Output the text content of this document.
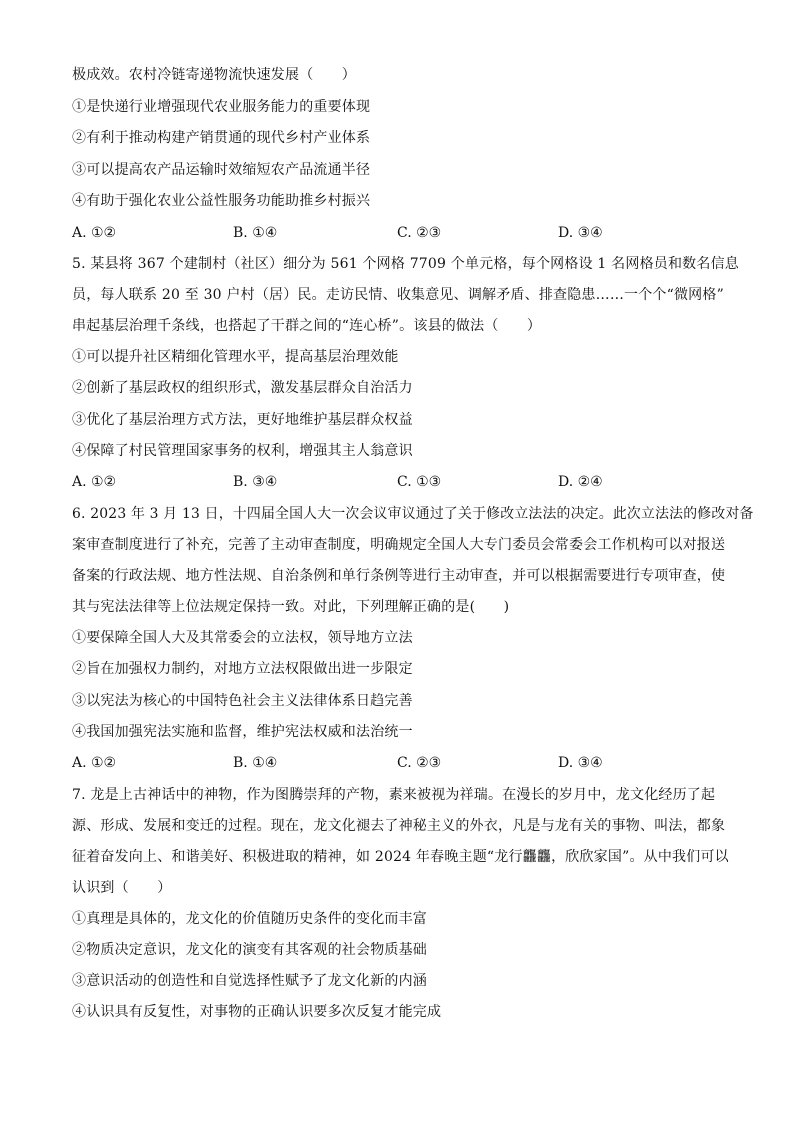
极成效。农村冷链寄递物流快速发展（　　）
①是快递行业增强现代农业服务能力的重要体现
②有利于推动构建产销贯通的现代乡村产业体系
③可以提高农产品运输时效缩短农产品流通半径
④有助于强化农业公益性服务功能助推乡村振兴
A. ①②	B. ①④	C. ②③	D. ③④
5. 某县将 367 个建制村（社区）细分为 561 个网格 7709 个单元格，每个网格设 1 名网格员和数名信息
员，每人联系 20 至 30 户村（居）民。走访民情、收集意见、调解矛盾、排查隐患……一个个“微网格”
串起基层治理千条线，也搭起了干群之间的“连心桥”。该县的做法（　　）
①可以提升社区精细化管理水平，提高基层治理效能
②创新了基层政权的组织形式，激发基层群众自治活力
③优化了基层治理方式方法，更好地维护基层群众权益
④保障了村民管理国家事务的权利，增强其主人翁意识
A. ①②	B. ③④	C. ①③	D. ②④
6. 2023 年 3 月 13 日，十四届全国人大一次会议审议通过了关于修改立法法的决定。此次立法法的修改对备
案审查制度进行了补充，完善了主动审查制度，明确规定全国人大专门委员会常委会工作机构可以对报送
备案的行政法规、地方性法规、自治条例和单行条例等进行主动审查，并可以根据需要进行专项审查，使
其与宪法法律等上位法规定保持一致。对此，下列理解正确的是(　　)
①要保障全国人大及其常委会的立法权，领导地方立法
②旨在加强权力制约，对地方立法权限做出进一步限定
③以宪法为核心的中国特色社会主义法律体系日趋完善
④我国加强宪法实施和监督，维护宪法权威和法治统一
A. ①②	B. ①④	C. ②③	D. ③④
7. 龙是上古神话中的神物，作为图腾崇拜的产物，素来被视为祥瑞。在漫长的岁月中，龙文化经历了起
源、形成、发展和变迁的过程。现在，龙文化褪去了神秘主义的外衣，凡是与龙有关的事物、叫法，都象
征着奋发向上、和谐美好、积极进取的精神，如 2024 年春晚主题“龙行龘龘，欣欣家国”。从中我们可以
认识到（　　）
①真理是具体的，龙文化的价值随历史条件的变化而丰富
②物质决定意识，龙文化的演变有其客观的社会物质基础
③意识活动的创造性和自觉选择性赋予了龙文化新的内涵
④认识具有反复性，对事物的正确认识要多次反复才能完成
